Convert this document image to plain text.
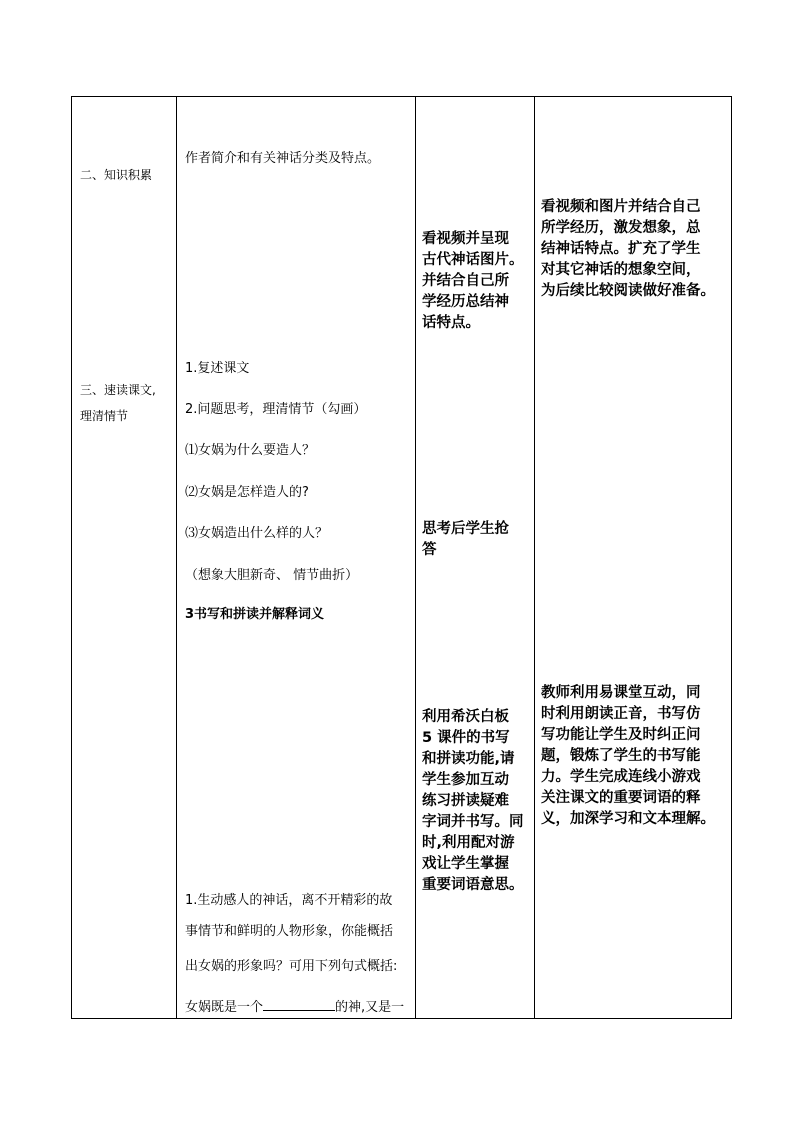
二、知识积累
三、速读课文,
理清情节
作者简介和有关神话分类及特点。
1.复述课文
2.问题思考，理清情节（勾画）
⑴女娲为什么要造人？
⑵女娲是怎样造人的?
⑶女娲造出什么样的人？
（想象大胆新奇、 情节曲折）
3书写和拼读并解释词义
1.生动感人的神话，离不开精彩的故
事情节和鲜明的人物形象，你能概括
出女娲的形象吗？可用下列句式概括:
女娲既是一个	的神,又是一
看视频并呈现
古代神话图片。
并结合自己所
学经历总结神
话特点。
思考后学生抢
答
利用希沃白板
5 课件的书写
和拼读功能,请
学生参加互动
练习拼读疑难
字词并书写。同
时,利用配对游
戏让学生掌握
重要词语意思。
看视频和图片并结合自己
所学经历，激发想象，总
结神话特点。扩充了学生
对其它神话的想象空间，
为后续比较阅读做好准备。
教师利用易课堂互动，同
时利用朗读正音，书写仿
写功能让学生及时纠正问
题，锻炼了学生的书写能
力。学生完成连线小游戏
关注课文的重要词语的释
义，加深学习和文本理解。
